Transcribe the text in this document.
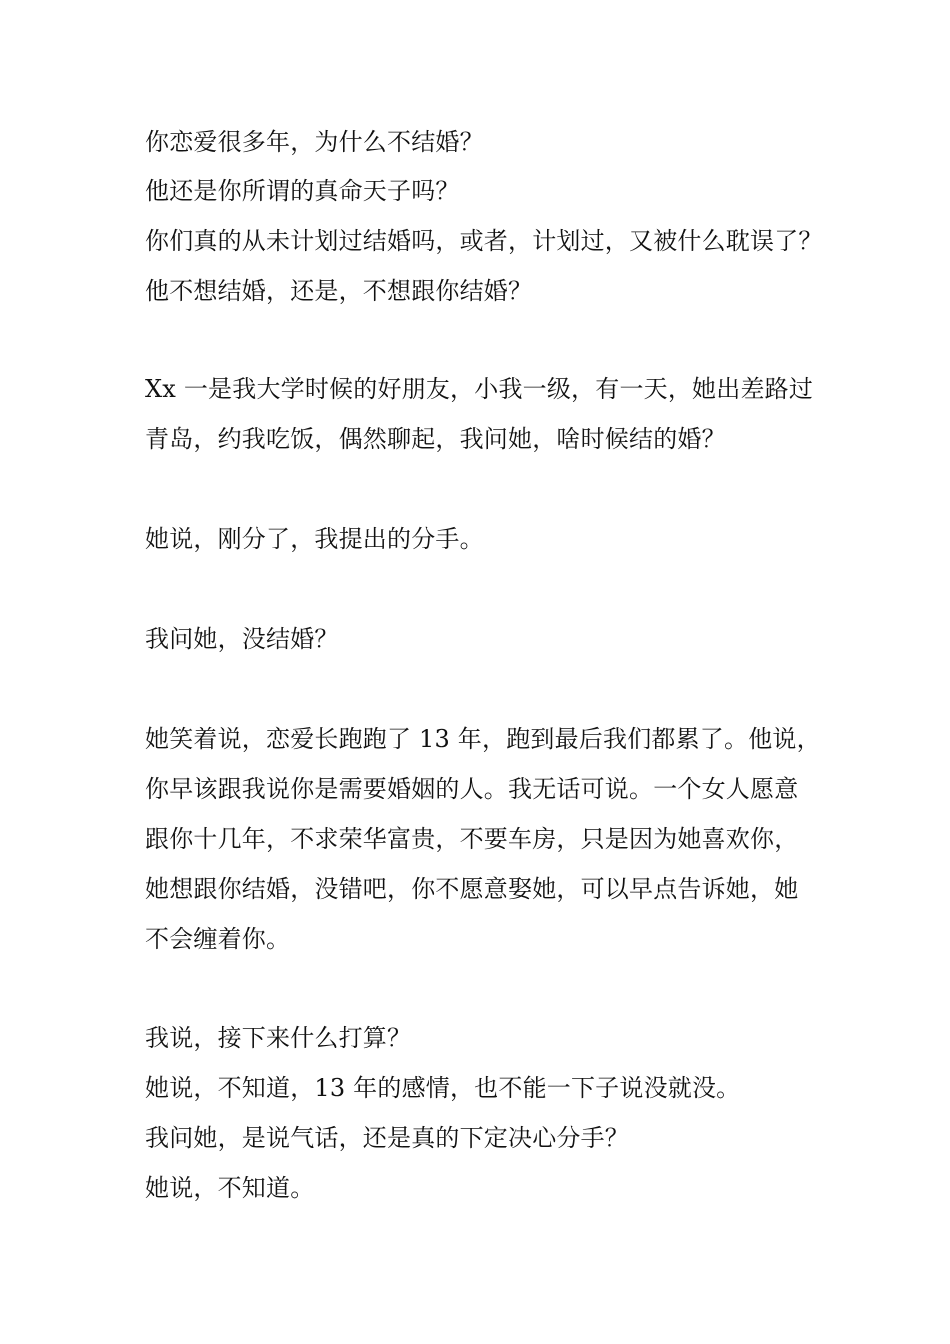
你恋爱很多年，为什么不结婚？
他还是你所谓的真命天子吗？
你们真的从未计划过结婚吗，或者，计划过，又被什么耽误了？
他不想结婚，还是，不想跟你结婚？
Xx 一是我大学时候的好朋友，小我一级，有一天，她出差路过
青岛，约我吃饭，偶然聊起，我问她，啥时候结的婚？
她说，刚分了，我提出的分手。
我问她，没结婚？
她笑着说，恋爱长跑跑了 13 年，跑到最后我们都累了。他说，
你早该跟我说你是需要婚姻的人。我无话可说。一个女人愿意
跟你十几年，不求荣华富贵，不要车房，只是因为她喜欢你，
她想跟你结婚，没错吧，你不愿意娶她，可以早点告诉她，她
不会缠着你。
我说，接下来什么打算？
她说，不知道，13 年的感情，也不能一下子说没就没。
我问她，是说气话，还是真的下定决心分手？
她说，不知道。
